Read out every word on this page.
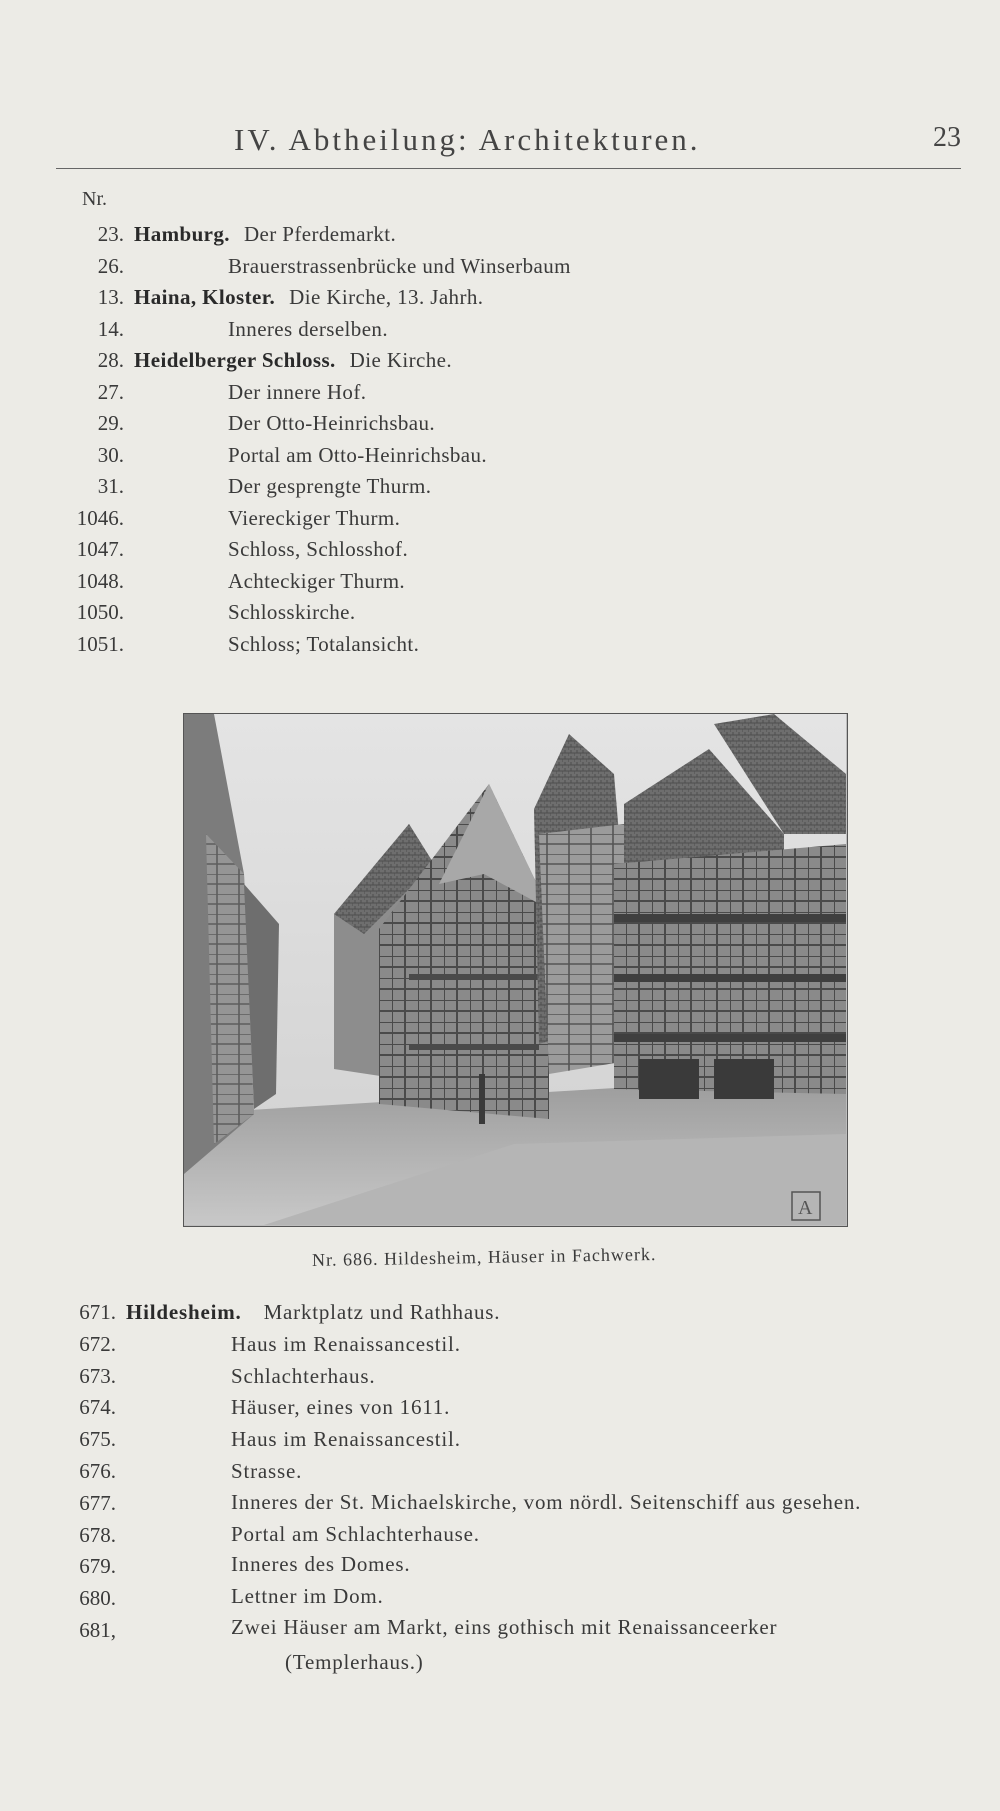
IV. Abtheilung: Architekturen.	23
Nr.
23. Hamburg. Der Pferdemarkt.
26.	Brauerstrassenbrücke und Winserbaum
13. Haina, Kloster. Die Kirche, 13. Jahrh.
14.	Inneres derselben.
28. Heidelberger Schloss. Die Kirche.
27.	Der innere Hof.
29.	Der Otto-Heinrichsbau.
30.	Portal am Otto-Heinrichsbau.
31.	Der gesprengte Thurm.
1046.	Viereckiger Thurm.
1047.	Schloss, Schlosshof.
1048.	Achteckiger Thurm.
1050.	Schlosskirche.
1051.	Schloss; Totalansicht.
A
Nr. 686. Hildesheim, Häuser in Fachwerk.
671. Hildesheim. Marktplatz und Rathhaus.
672.	Haus im Renaissancestil.
673.	Schlachterhaus.
674.	Häuser, eines von 1611.
675.	Haus im Renaissancestil.
676.	Strasse.
677.	Inneres der St. Michaelskirche, vom nördl. Seitenschiff aus gesehen.
678.	Portal am Schlachterhause.
679.	Inneres des Domes.
680.	Lettner im Dom.
681,	Zwei Häuser am Markt, eins gothisch mit Renaissanceerker
(Templerhaus.)
